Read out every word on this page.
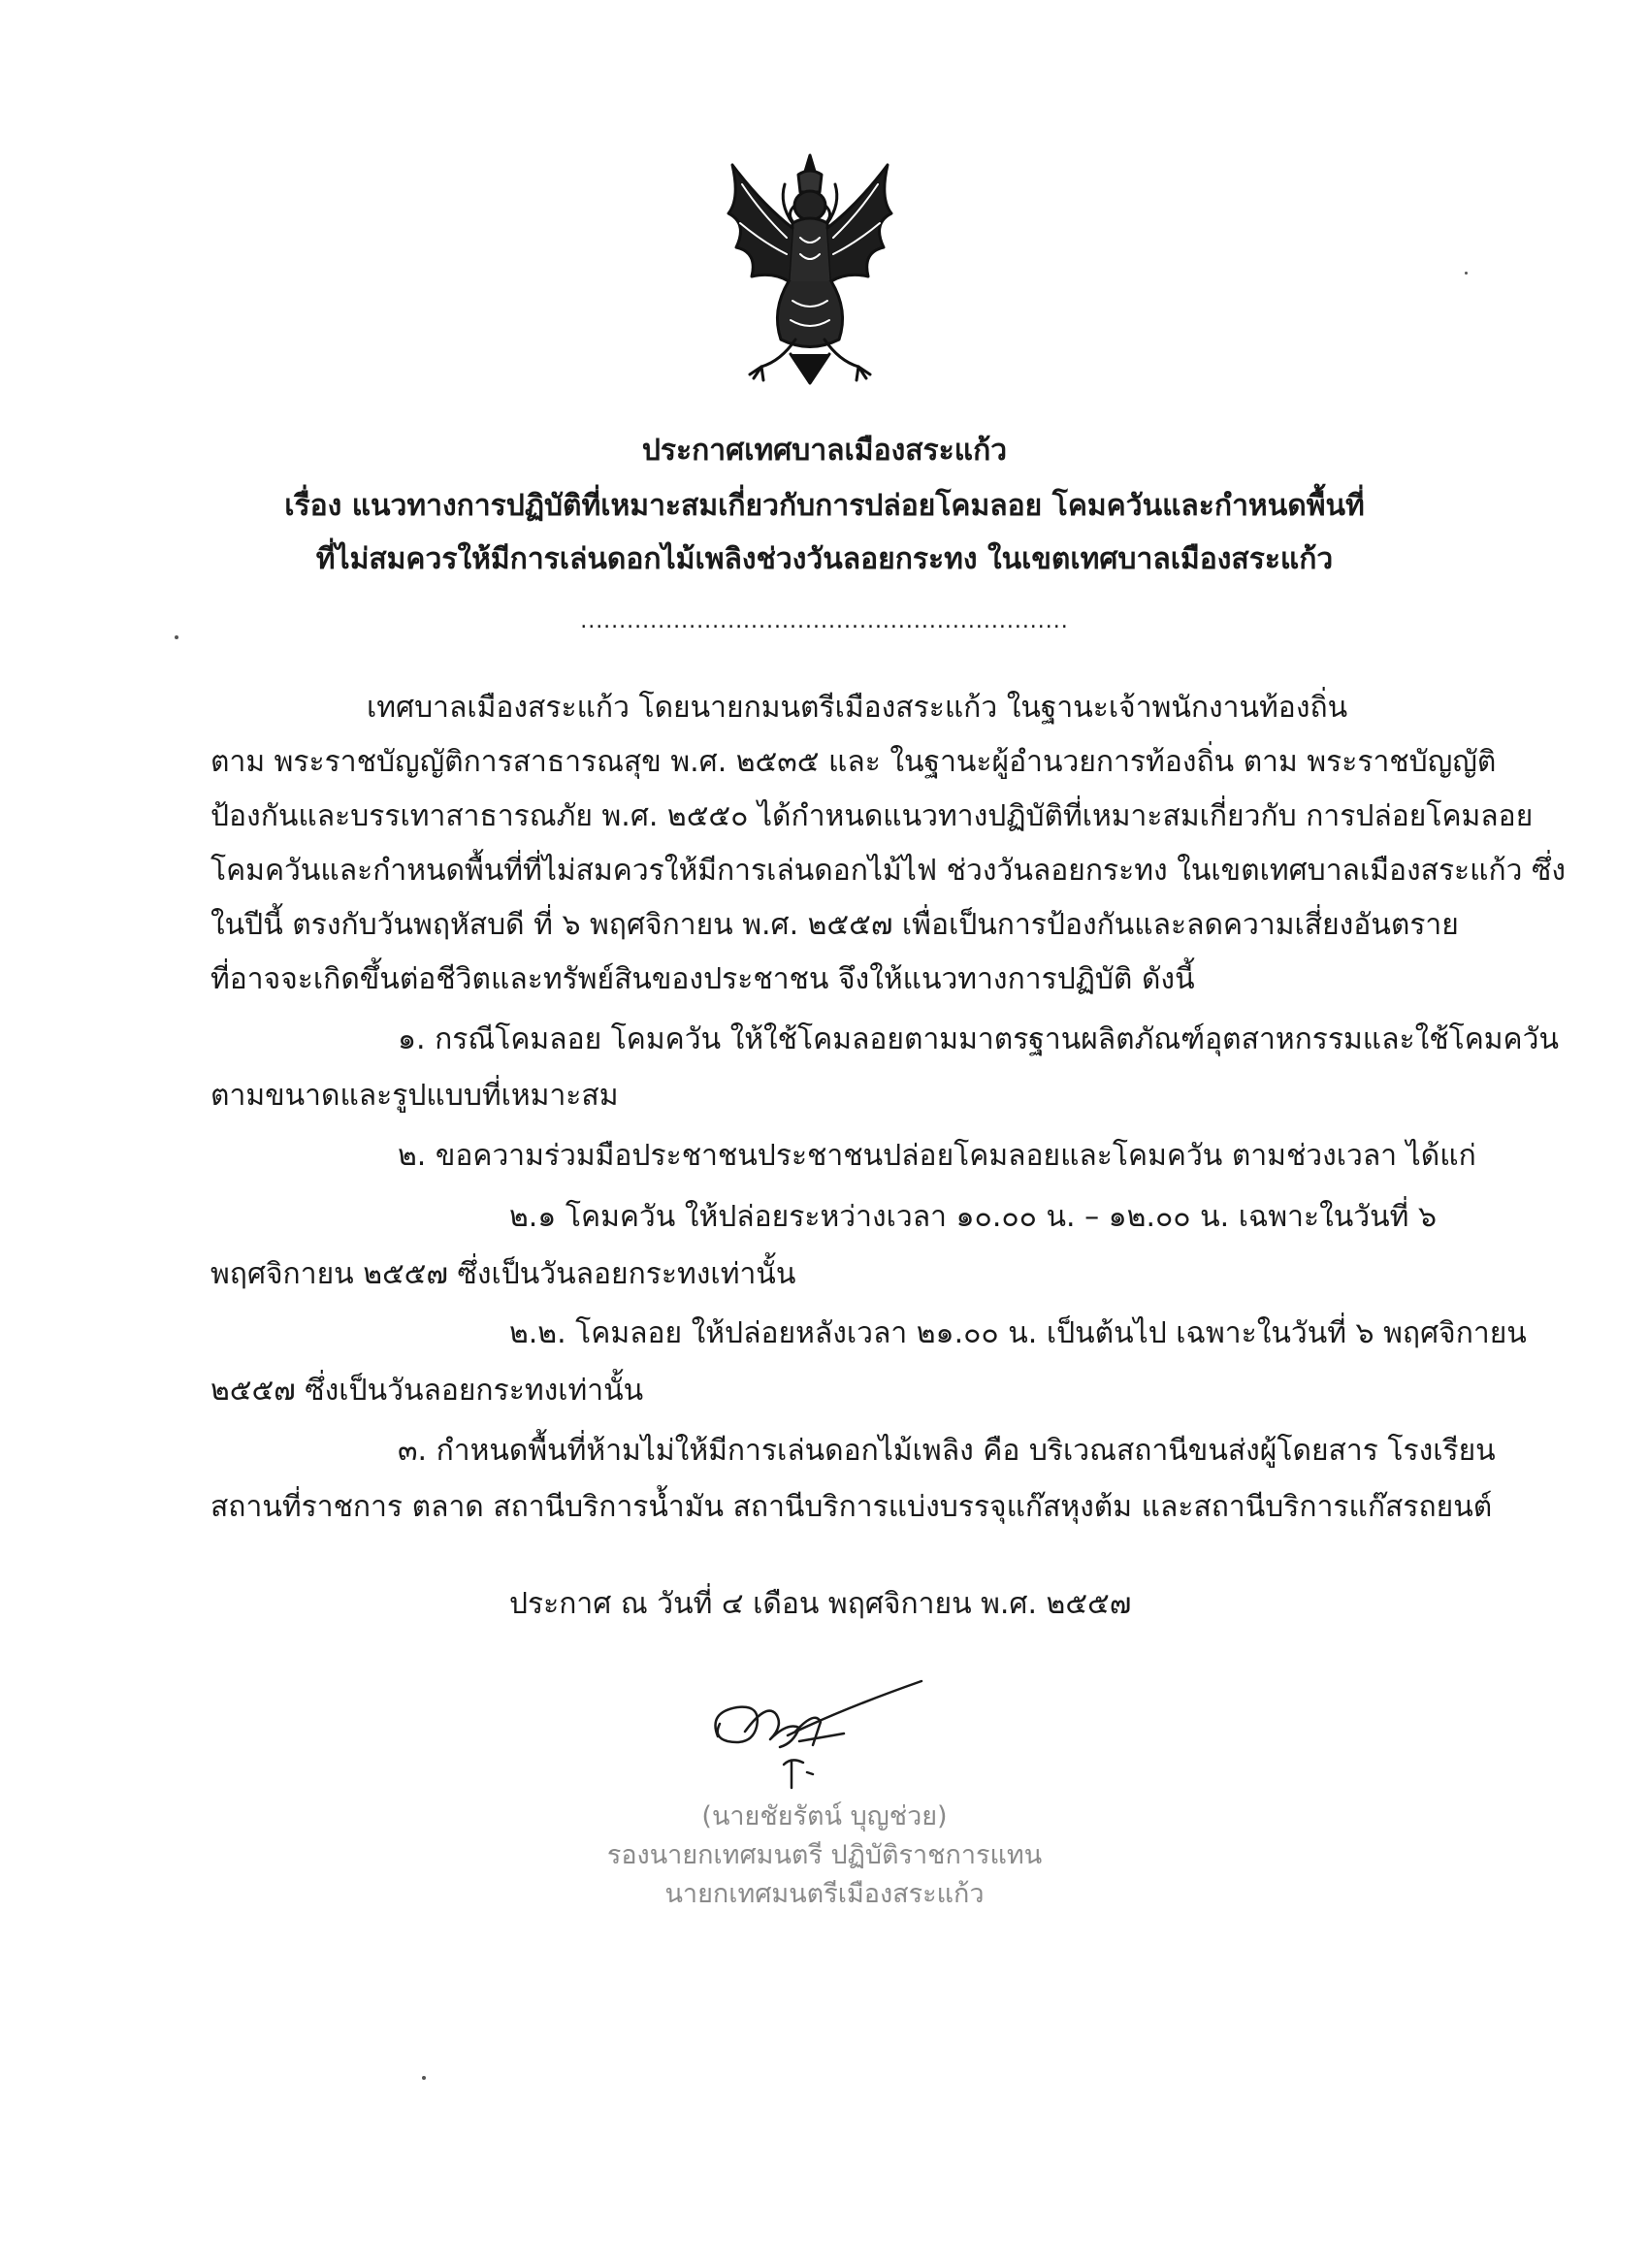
ประกาศเทศบาลเมืองสระแก้ว
เรื่อง แนวทางการปฏิบัติที่เหมาะสมเกี่ยวกับการปล่อยโคมลอย โคมควันและกำหนดพื้นที่
ที่ไม่สมควรให้มีการเล่นดอกไม้เพลิงช่วงวันลอยกระทง ในเขตเทศบาลเมืองสระแก้ว
...............................................................
เทศบาลเมืองสระแก้ว โดยนายกมนตรีเมืองสระแก้ว ในฐานะเจ้าพนักงานท้องถิ่น
ตาม พระราชบัญญัติการสาธารณสุข พ.ศ. ๒๕๓๕ และ ในฐานะผู้อำนวยการท้องถิ่น ตาม พระราชบัญญัติ
ป้องกันและบรรเทาสาธารณภัย พ.ศ. ๒๕๕๐ ได้กำหนดแนวทางปฏิบัติที่เหมาะสมเกี่ยวกับ การปล่อยโคมลอย
โคมควันและกำหนดพื้นที่ที่ไม่สมควรให้มีการเล่นดอกไม้ไฟ ช่วงวันลอยกระทง ในเขตเทศบาลเมืองสระแก้ว ซึ่ง
ในปีนี้ ตรงกับวันพฤหัสบดี ที่ ๖ พฤศจิกายน พ.ศ. ๒๕๕๗ เพื่อเป็นการป้องกันและลดความเสี่ยงอันตราย
ที่อาจจะเกิดขึ้นต่อชีวิตและทรัพย์สินของประชาชน จึงให้แนวทางการปฏิบัติ ดังนี้
๑. กรณีโคมลอย โคมควัน ให้ใช้โคมลอยตามมาตรฐานผลิตภัณฑ์อุตสาหกรรมและใช้โคมควัน
ตามขนาดและรูปแบบที่เหมาะสม
๒. ขอความร่วมมือประชาชนประชาชนปล่อยโคมลอยและโคมควัน ตามช่วงเวลา ได้แก่
๒.๑ โคมควัน ให้ปล่อยระหว่างเวลา ๑๐.๐๐ น. – ๑๒.๐๐ น. เฉพาะในวันที่ ๖
พฤศจิกายน ๒๕๕๗ ซึ่งเป็นวันลอยกระทงเท่านั้น
๒.๒. โคมลอย ให้ปล่อยหลังเวลา ๒๑.๐๐ น. เป็นต้นไป เฉพาะในวันที่ ๖ พฤศจิกายน
๒๕๕๗ ซึ่งเป็นวันลอยกระทงเท่านั้น
๓. กำหนดพื้นที่ห้ามไม่ให้มีการเล่นดอกไม้เพลิง คือ บริเวณสถานีขนส่งผู้โดยสาร โรงเรียน
สถานที่ราชการ ตลาด สถานีบริการน้ำมัน สถานีบริการแบ่งบรรจุแก๊สหุงต้ม และสถานีบริการแก๊สรถยนต์
ประกาศ ณ วันที่ ๔ เดือน พฤศจิกายน พ.ศ. ๒๕๕๗
(นายชัยรัตน์ บุญช่วย)
รองนายกเทศมนตรี ปฏิบัติราชการแทน
นายกเทศมนตรีเมืองสระแก้ว
